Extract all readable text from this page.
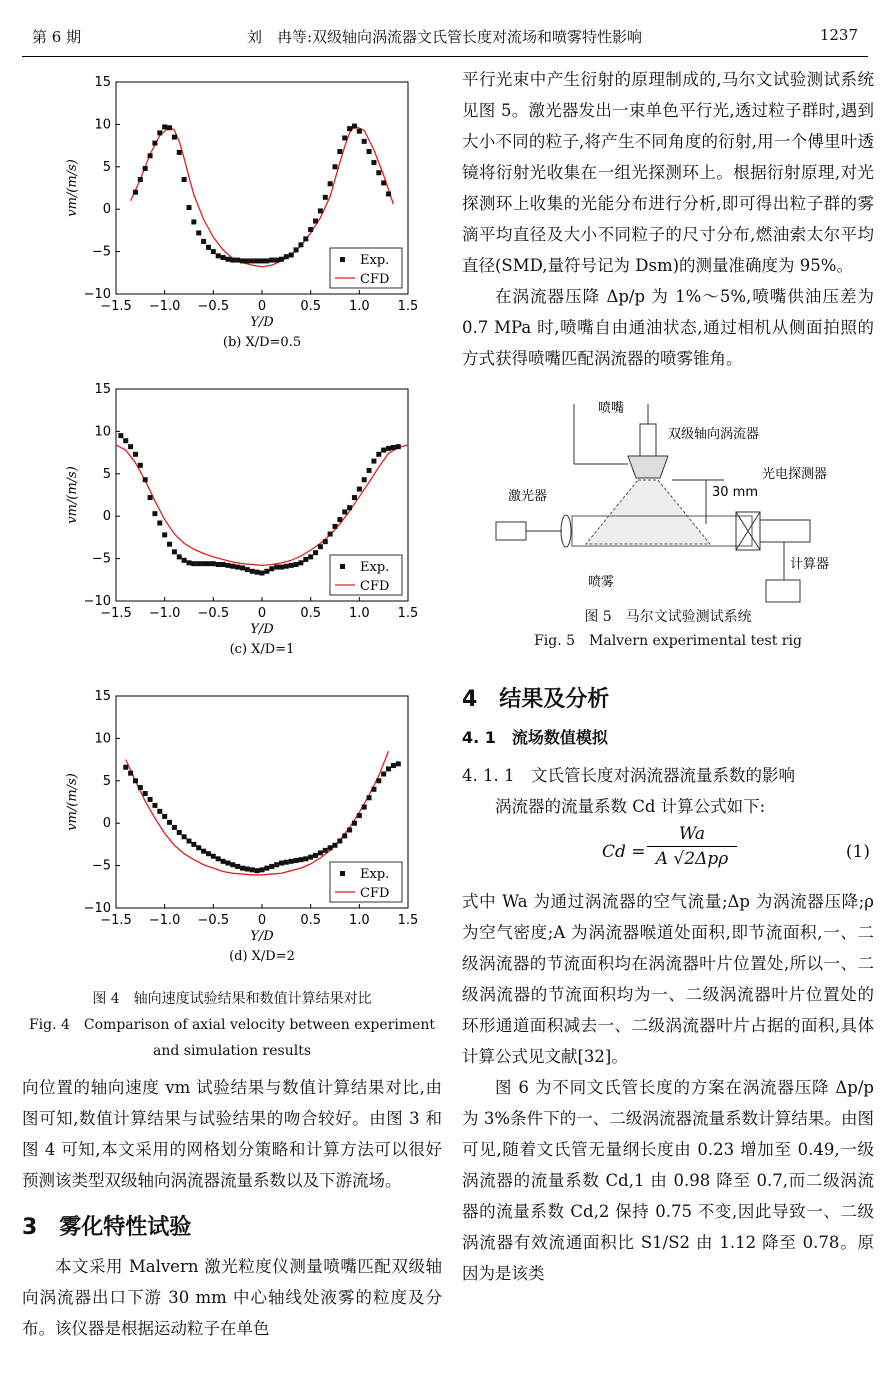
第 6 期	刘　冉等:双级轴向涡流器文氏管长度对流场和喷雾特性影响	1237
−1.5 −1.0 −0.5 0	0.5 1.0 1.5
−10
−5
0
5
10
15
Exp.
CFD
Y/D
vm/(m/s)
(b) X/D=0.5
−1.5 −1.0 −0.5 0	0.5 1.0 1.5
−10
−5
0
5
10
15
Exp.
CFD
Y/D
vm/(m/s)
(c) X/D=1
−1.5 −1.0 −0.5 0	0.5 1.0 1.5
−10
−5
0
5
10
15
Exp.
CFD
Y/D
vm/(m/s)
(d) X/D=2
图 4　轴向速度试验结果和数值计算结果对比
Fig. 4　Comparison of axial velocity between experiment
and simulation results

向位置的轴向速度 vm 试验结果与数值计算结果对比,由图可知,数值计算结果与试验结果的吻合较好。由图 3 和图 4 可知,本文采用的网格划分策略和计算方法可以很好预测该类型双级轴向涡流器流量系数以及下游流场。

3　雾化特性试验

本文采用 Malvern 激光粒度仪测量喷嘴匹配双级轴向涡流器出口下游 30 mm 中心轴线处液雾的粒度及分布。该仪器是根据运动粒子在单色

平行光束中产生衍射的原理制成的,马尔文试验测试系统见图 5。激光器发出一束单色平行光,透过粒子群时,遇到大小不同的粒子,将产生不同角度的衍射,用一个傅里叶透镜将衍射光收集在一组光探测环上。根据衍射原理,对光探测环上收集的光能分布进行分析,即可得出粒子群的雾滴平均直径及大小不同粒子的尺寸分布,燃油索太尔平均直径(SMD,量符号记为 Dsm)的测量准确度为 95%。

在涡流器压降 Δp/p 为 1%～5%,喷嘴供油压差为 0.7 MPa 时,喷嘴自由通油状态,通过相机从侧面拍照的方式获得喷嘴匹配涡流器的喷雾锥角。

喷嘴
双级轴向涡流器
30 mm
光电探测器
激光器
计算器
喷雾
图 5　马尔文试验测试系统
Fig. 5　Malvern experimental test rig
4　结果及分析
4. 1　流场数值模拟
4. 1. 1　文氏管长度对涡流器流量系数的影响

涡流器的流量系数 Cd 计算公式如下:

Cd =
Wa
A √2Δpρ	(1)

式中 Wa 为通过涡流器的空气流量;Δp 为涡流器压降;ρ 为空气密度;A 为涡流器喉道处面积,即节流面积,一、二级涡流器的节流面积均在涡流器叶片位置处,所以一、二级涡流器的节流面积均为一、二级涡流器叶片位置处的环形通道面积减去一、二级涡流器叶片占据的面积,具体计算公式见文献[32]。

图 6 为不同文氏管长度的方案在涡流器压降 Δp/p 为 3%条件下的一、二级涡流器流量系数计算结果。由图可见,随着文氏管无量纲长度由 0.23 增加至 0.49,一级涡流器的流量系数 Cd,1 由 0.98 降至 0.7,而二级涡流器的流量系数 Cd,2 保持 0.75 不变,因此导致一、二级涡流器有效流通面积比 S1/S2 由 1.12 降至 0.78。原因为是该类
